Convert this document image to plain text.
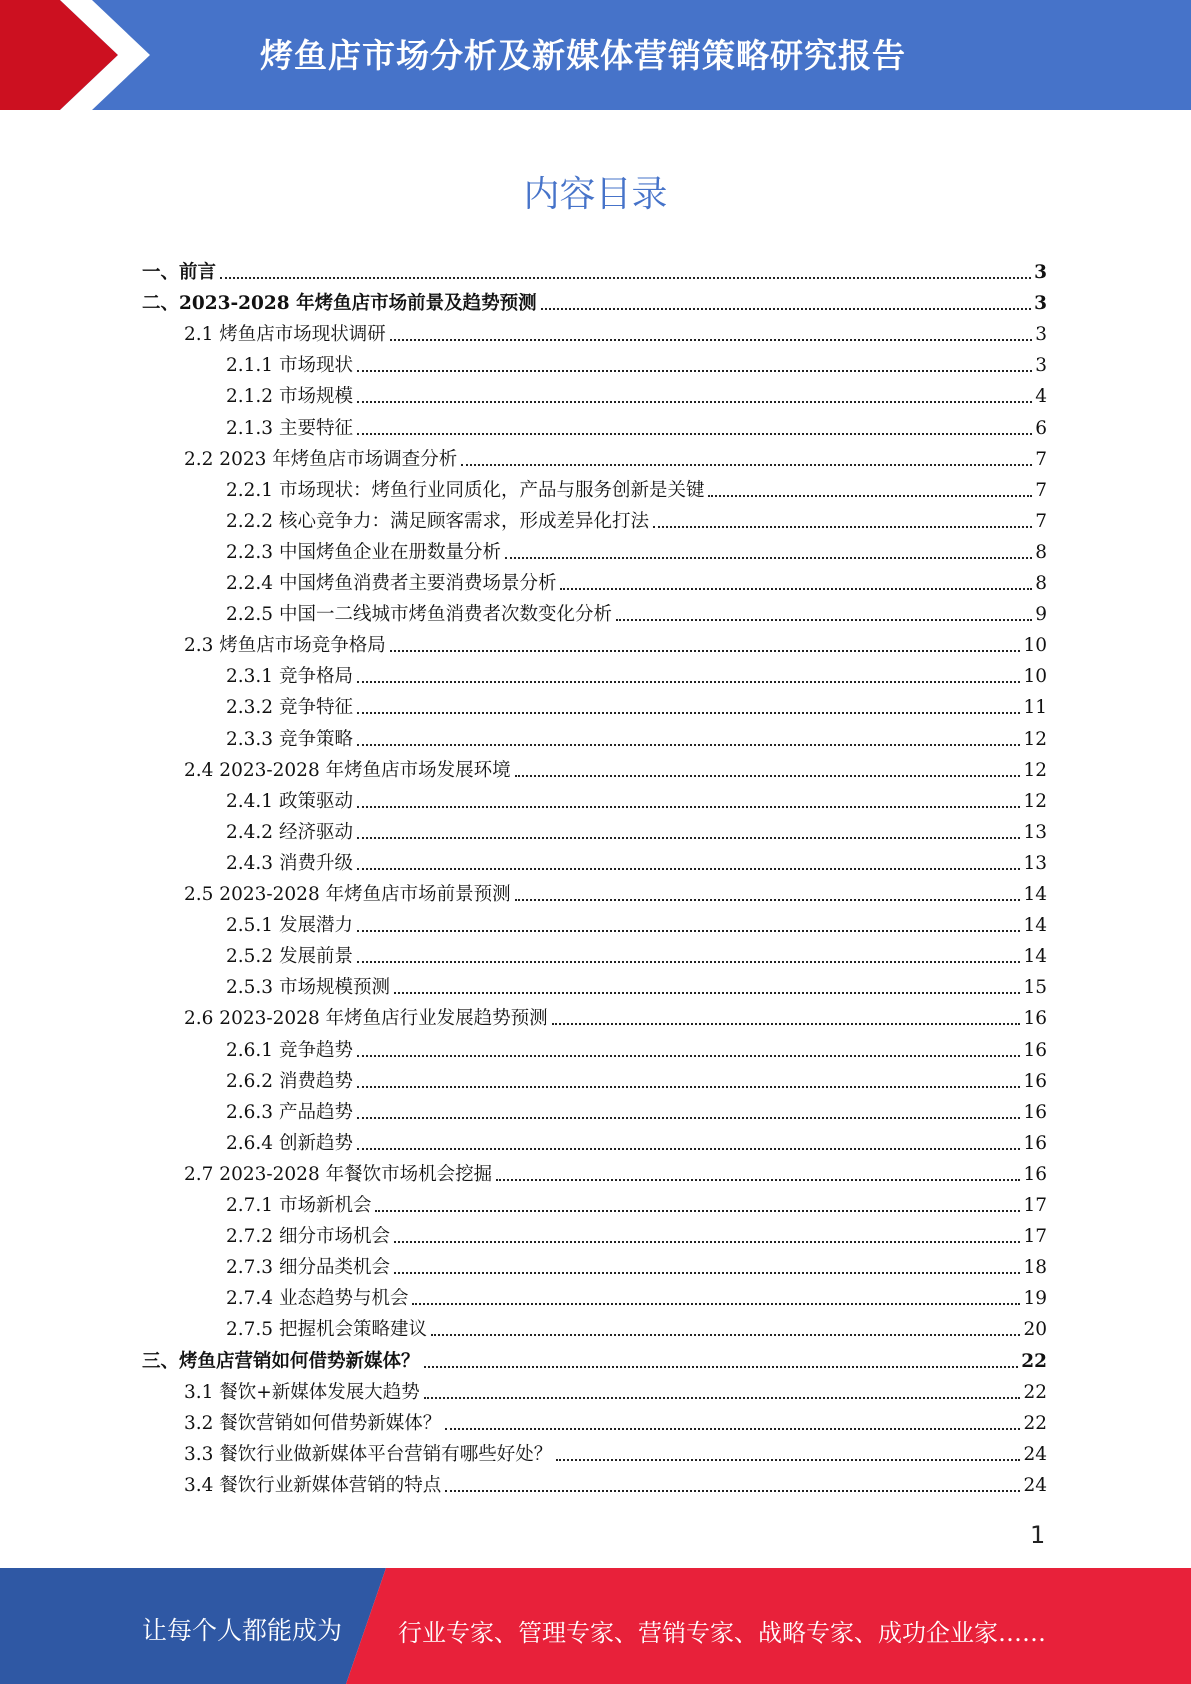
烤鱼店市场分析及新媒体营销策略研究报告
内容目录
一、前言	3
二、2023-2028 年烤鱼店市场前景及趋势预测	3
2.1 烤鱼店市场现状调研	3
2.1.1 市场现状	3
2.1.2 市场规模	4
2.1.3 主要特征	6
2.2 2023 年烤鱼店市场调查分析	7
2.2.1 市场现状：烤鱼行业同质化，产品与服务创新是关键	7
2.2.2 核心竞争力：满足顾客需求，形成差异化打法	7
2.2.3 中国烤鱼企业在册数量分析	8
2.2.4 中国烤鱼消费者主要消费场景分析	8
2.2.5 中国一二线城市烤鱼消费者次数变化分析	9
2.3 烤鱼店市场竞争格局	10
2.3.1 竞争格局	10
2.3.2 竞争特征	11
2.3.3 竞争策略	12
2.4 2023-2028 年烤鱼店市场发展环境	12
2.4.1 政策驱动	12
2.4.2 经济驱动	13
2.4.3 消费升级	13
2.5 2023-2028 年烤鱼店市场前景预测	14
2.5.1 发展潜力	14
2.5.2 发展前景	14
2.5.3 市场规模预测	15
2.6 2023-2028 年烤鱼店行业发展趋势预测	16
2.6.1 竞争趋势	16
2.6.2 消费趋势	16
2.6.3 产品趋势	16
2.6.4 创新趋势	16
2.7 2023-2028 年餐饮市场机会挖掘	16
2.7.1 市场新机会	17
2.7.2 细分市场机会	17
2.7.3 细分品类机会	18
2.7.4 业态趋势与机会	19
2.7.5 把握机会策略建议	20
三、烤鱼店营销如何借势新媒体？	22
3.1 餐饮+新媒体发展大趋势	22
3.2 餐饮营销如何借势新媒体？	22
3.3 餐饮行业做新媒体平台营销有哪些好处？	24
3.4 餐饮行业新媒体营销的特点	24
1
让每个人都能成为 行业专家、管理专家、营销专家、战略专家、成功企业家……
